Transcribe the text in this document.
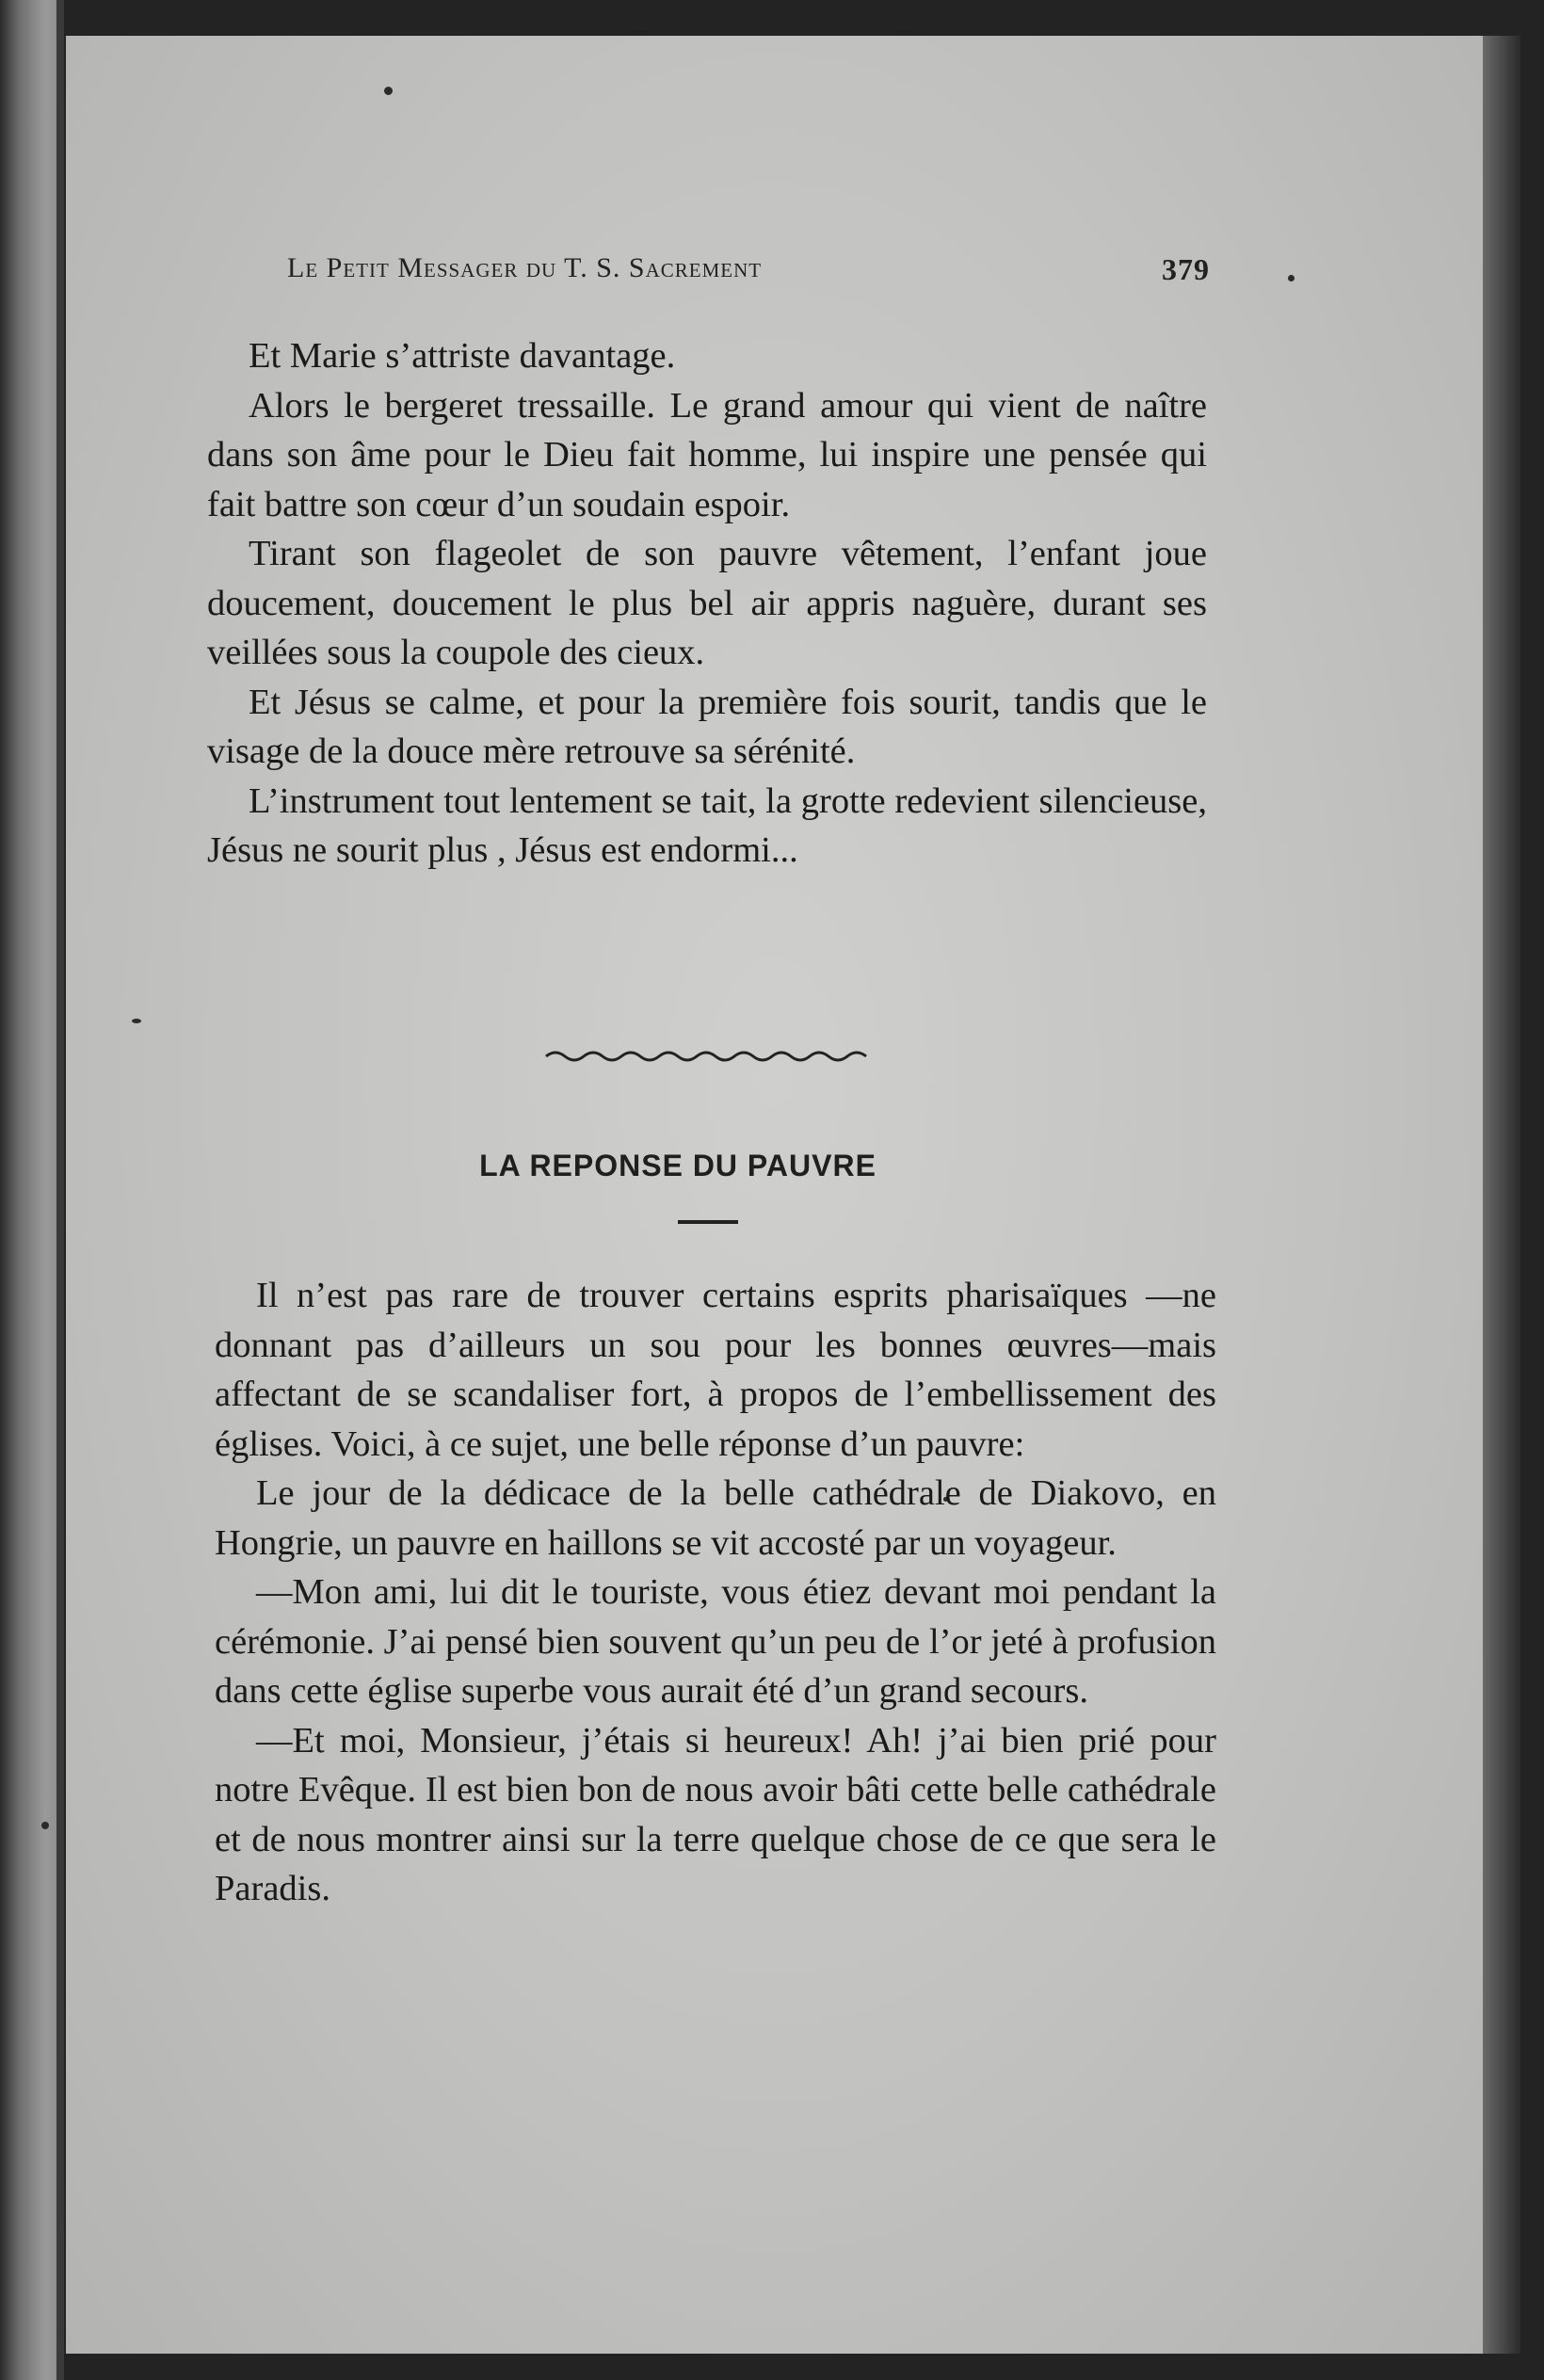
Le Petit Messager du T. S. Sacrement	379

Et Marie s’attriste davantage.

Alors le bergeret tressaille. Le grand amour qui vient de naître dans son âme pour le Dieu fait homme, lui inspire une pensée qui fait battre son cœur d’un soudain espoir.

Tirant son flageolet de son pauvre vêtement, l’enfant joue doucement, doucement le plus bel air appris naguère, durant ses veillées sous la coupole des cieux.

Et Jésus se calme, et pour la première fois sourit, tandis que le visage de la douce mère retrouve sa sérénité.

L’instrument tout lentement se tait, la grotte redevient silencieuse, Jésus ne sourit plus , Jésus est endormi...

LA REPONSE DU PAUVRE

Il n’est pas rare de trouver certains esprits pharisaïques —ne donnant pas d’ailleurs un sou pour les bonnes œuvres—mais affectant de se scandaliser fort, à propos de l’embellissement des églises. Voici, à ce sujet, une belle réponse d’un pauvre:

Le jour de la dédicace de la belle cathédrale de Diakovo, en Hongrie, un pauvre en haillons se vit accosté par un voyageur.

—Mon ami, lui dit le touriste, vous étiez devant moi pendant la cérémonie. J’ai pensé bien souvent qu’un peu de l’or jeté à profusion dans cette église superbe vous aurait été d’un grand secours.

—Et moi, Monsieur, j’étais si heureux! Ah! j’ai bien prié pour notre Evêque. Il est bien bon de nous avoir bâti cette belle cathédrale et de nous montrer ainsi sur la terre quelque chose de ce que sera le Paradis.
